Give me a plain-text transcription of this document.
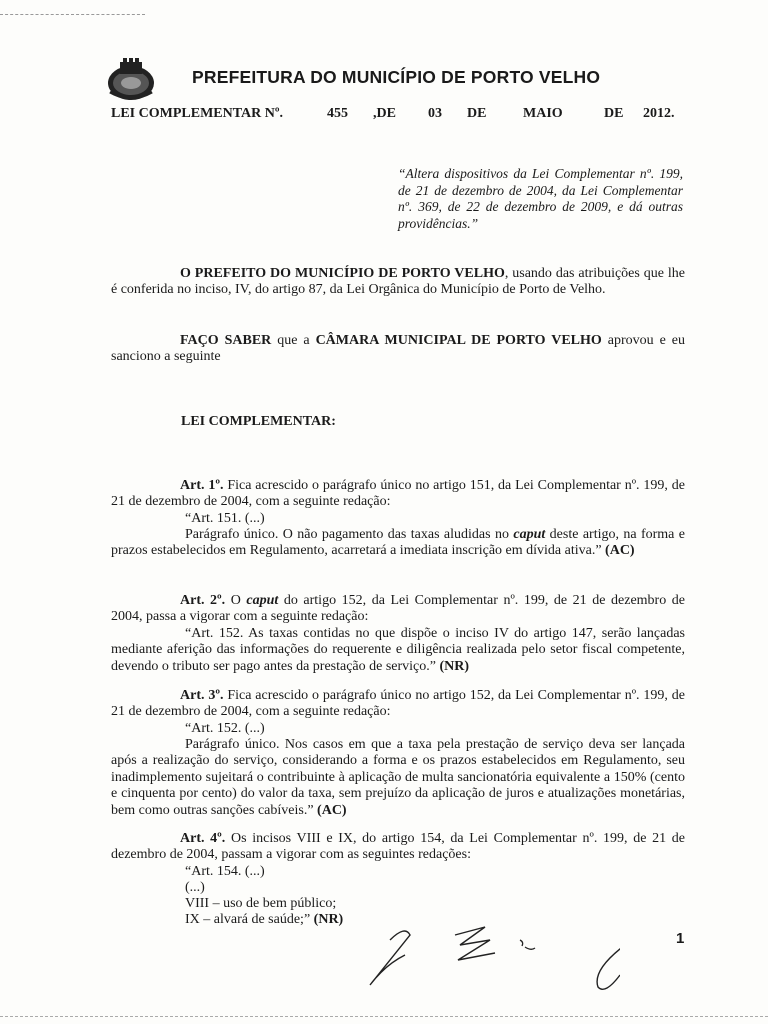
PREFEITURA DO MUNICÍPIO DE PORTO VELHO
LEI COMPLEMENTAR Nº.	455 ,DE 03 DE	MAIO	DE 2012.
“Altera dispositivos da Lei Complementar nº. 199, de 21 de dezembro de 2004, da Lei Complementar nº. 369, de 22 de dezembro de 2009, e dá outras providências.”
O PREFEITO DO MUNICÍPIO DE PORTO VELHO, usando das atribuições que lhe é conferida no inciso, IV, do artigo 87, da Lei Orgânica do Município de Porto de Velho.
FAÇO SABER que a CÂMARA MUNICIPAL DE PORTO VELHO aprovou e eu sanciono a seguinte
LEI COMPLEMENTAR:
Art. 1º. Fica acrescido o parágrafo único no artigo 151, da Lei Complementar nº. 199, de 21 de dezembro de 2004, com a seguinte redação:
“Art. 151. (...)
Parágrafo único. O não pagamento das taxas aludidas no caput deste artigo, na forma e prazos estabelecidos em Regulamento, acarretará a imediata inscrição em dívida ativa.” (AC)
Art. 2º. O caput do artigo 152, da Lei Complementar nº. 199, de 21 de dezembro de 2004, passa a vigorar com a seguinte redação:
“Art. 152. As taxas contidas no que dispõe o inciso IV do artigo 147, serão lançadas mediante aferição das informações do requerente e diligência realizada pelo setor fiscal competente, devendo o tributo ser pago antes da prestação de serviço.” (NR)
Art. 3º. Fica acrescido o parágrafo único no artigo 152, da Lei Complementar nº. 199, de 21 de dezembro de 2004, com a seguinte redação:
“Art. 152. (...)
Parágrafo único. Nos casos em que a taxa pela prestação de serviço deva ser lançada após a realização do serviço, considerando a forma e os prazos estabelecidos em Regulamento, seu inadimplemento sujeitará o contribuinte à aplicação de multa sancionatória equivalente a 150% (cento e cinquenta por cento) do valor da taxa, sem prejuízo da aplicação de juros e atualizações monetárias, bem como outras sanções cabíveis.” (AC)
Art. 4º. Os incisos VIII e IX, do artigo 154, da Lei Complementar nº. 199, de 21 de dezembro de 2004, passam a vigorar com as seguintes redações:
“Art. 154. (...)
(...)
VIII – uso de bem público;
IX – alvará de saúde;” (NR)
1
